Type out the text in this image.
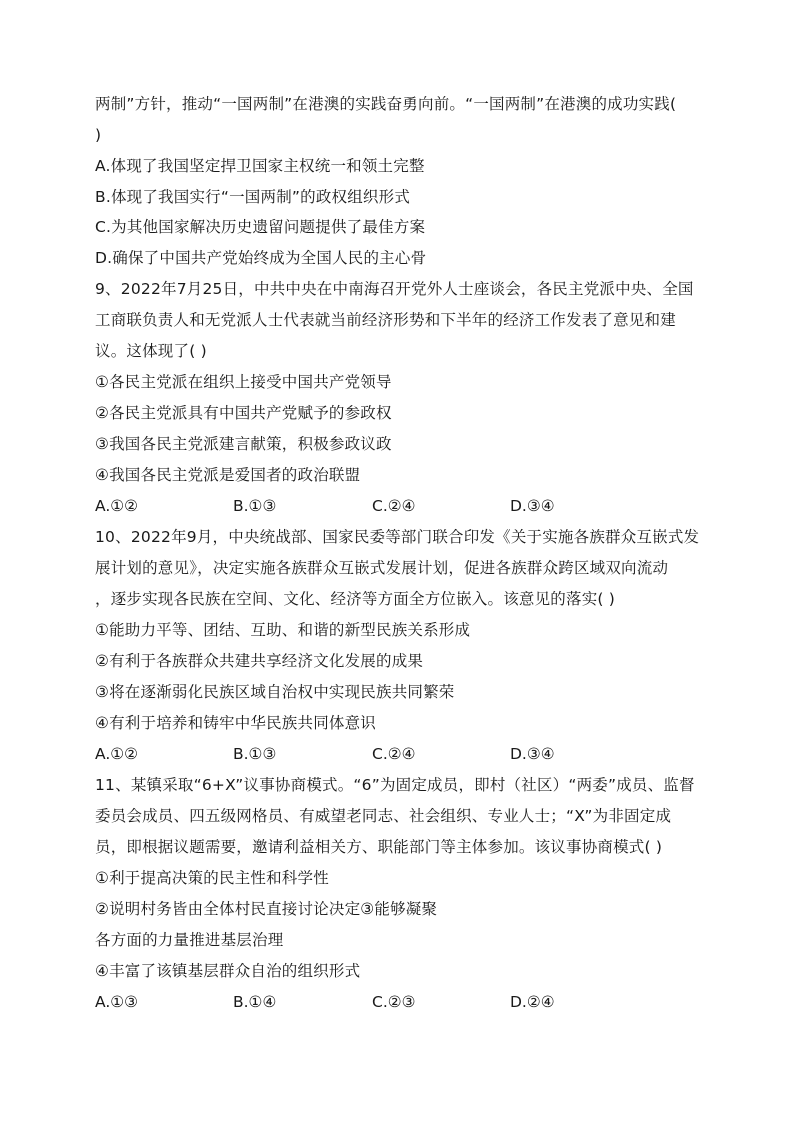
两制”方针，推动“一国两制”在港澳的实践奋勇向前。“一国两制”在港澳的成功实践(
)
A.体现了我国坚定捍卫国家主权统一和领土完整
B.体现了我国实行“一国两制”的政权组织形式
C.为其他国家解决历史遗留问题提供了最佳方案
D.确保了中国共产党始终成为全国人民的主心骨
9、2022年7月25日，中共中央在中南海召开党外人士座谈会，各民主党派中央、全国
工商联负责人和无党派人士代表就当前经济形势和下半年的经济工作发表了意见和建
议。这体现了( )
①各民主党派在组织上接受中国共产党领导
②各民主党派具有中国共产党赋予的参政权
③我国各民主党派建言献策，积极参政议政
④我国各民主党派是爱国者的政治联盟
A.①②	B.①③	C.②④	D.③④
10、2022年9月，中央统战部、国家民委等部门联合印发《关于实施各族群众互嵌式发
展计划的意见》，决定实施各族群众互嵌式发展计划，促进各族群众跨区域双向流动
，逐步实现各民族在空间、文化、经济等方面全方位嵌入。该意见的落实( )
①能助力平等、团结、互助、和谐的新型民族关系形成
②有利于各族群众共建共享经济文化发展的成果
③将在逐渐弱化民族区域自治权中实现民族共同繁荣
④有利于培养和铸牢中华民族共同体意识
A.①②	B.①③	C.②④	D.③④
11、某镇采取“6+X”议事协商模式。“6”为固定成员，即村（社区）“两委”成员、监督
委员会成员、四五级网格员、有威望老同志、社会组织、专业人士；“X”为非固定成
员，即根据议题需要，邀请利益相关方、职能部门等主体参加。该议事协商模式( )
①利于提高决策的民主性和科学性
②说明村务皆由全体村民直接讨论决定③能够凝聚
各方面的力量推进基层治理
④丰富了该镇基层群众自治的组织形式
A.①③	B.①④	C.②③	D.②④
